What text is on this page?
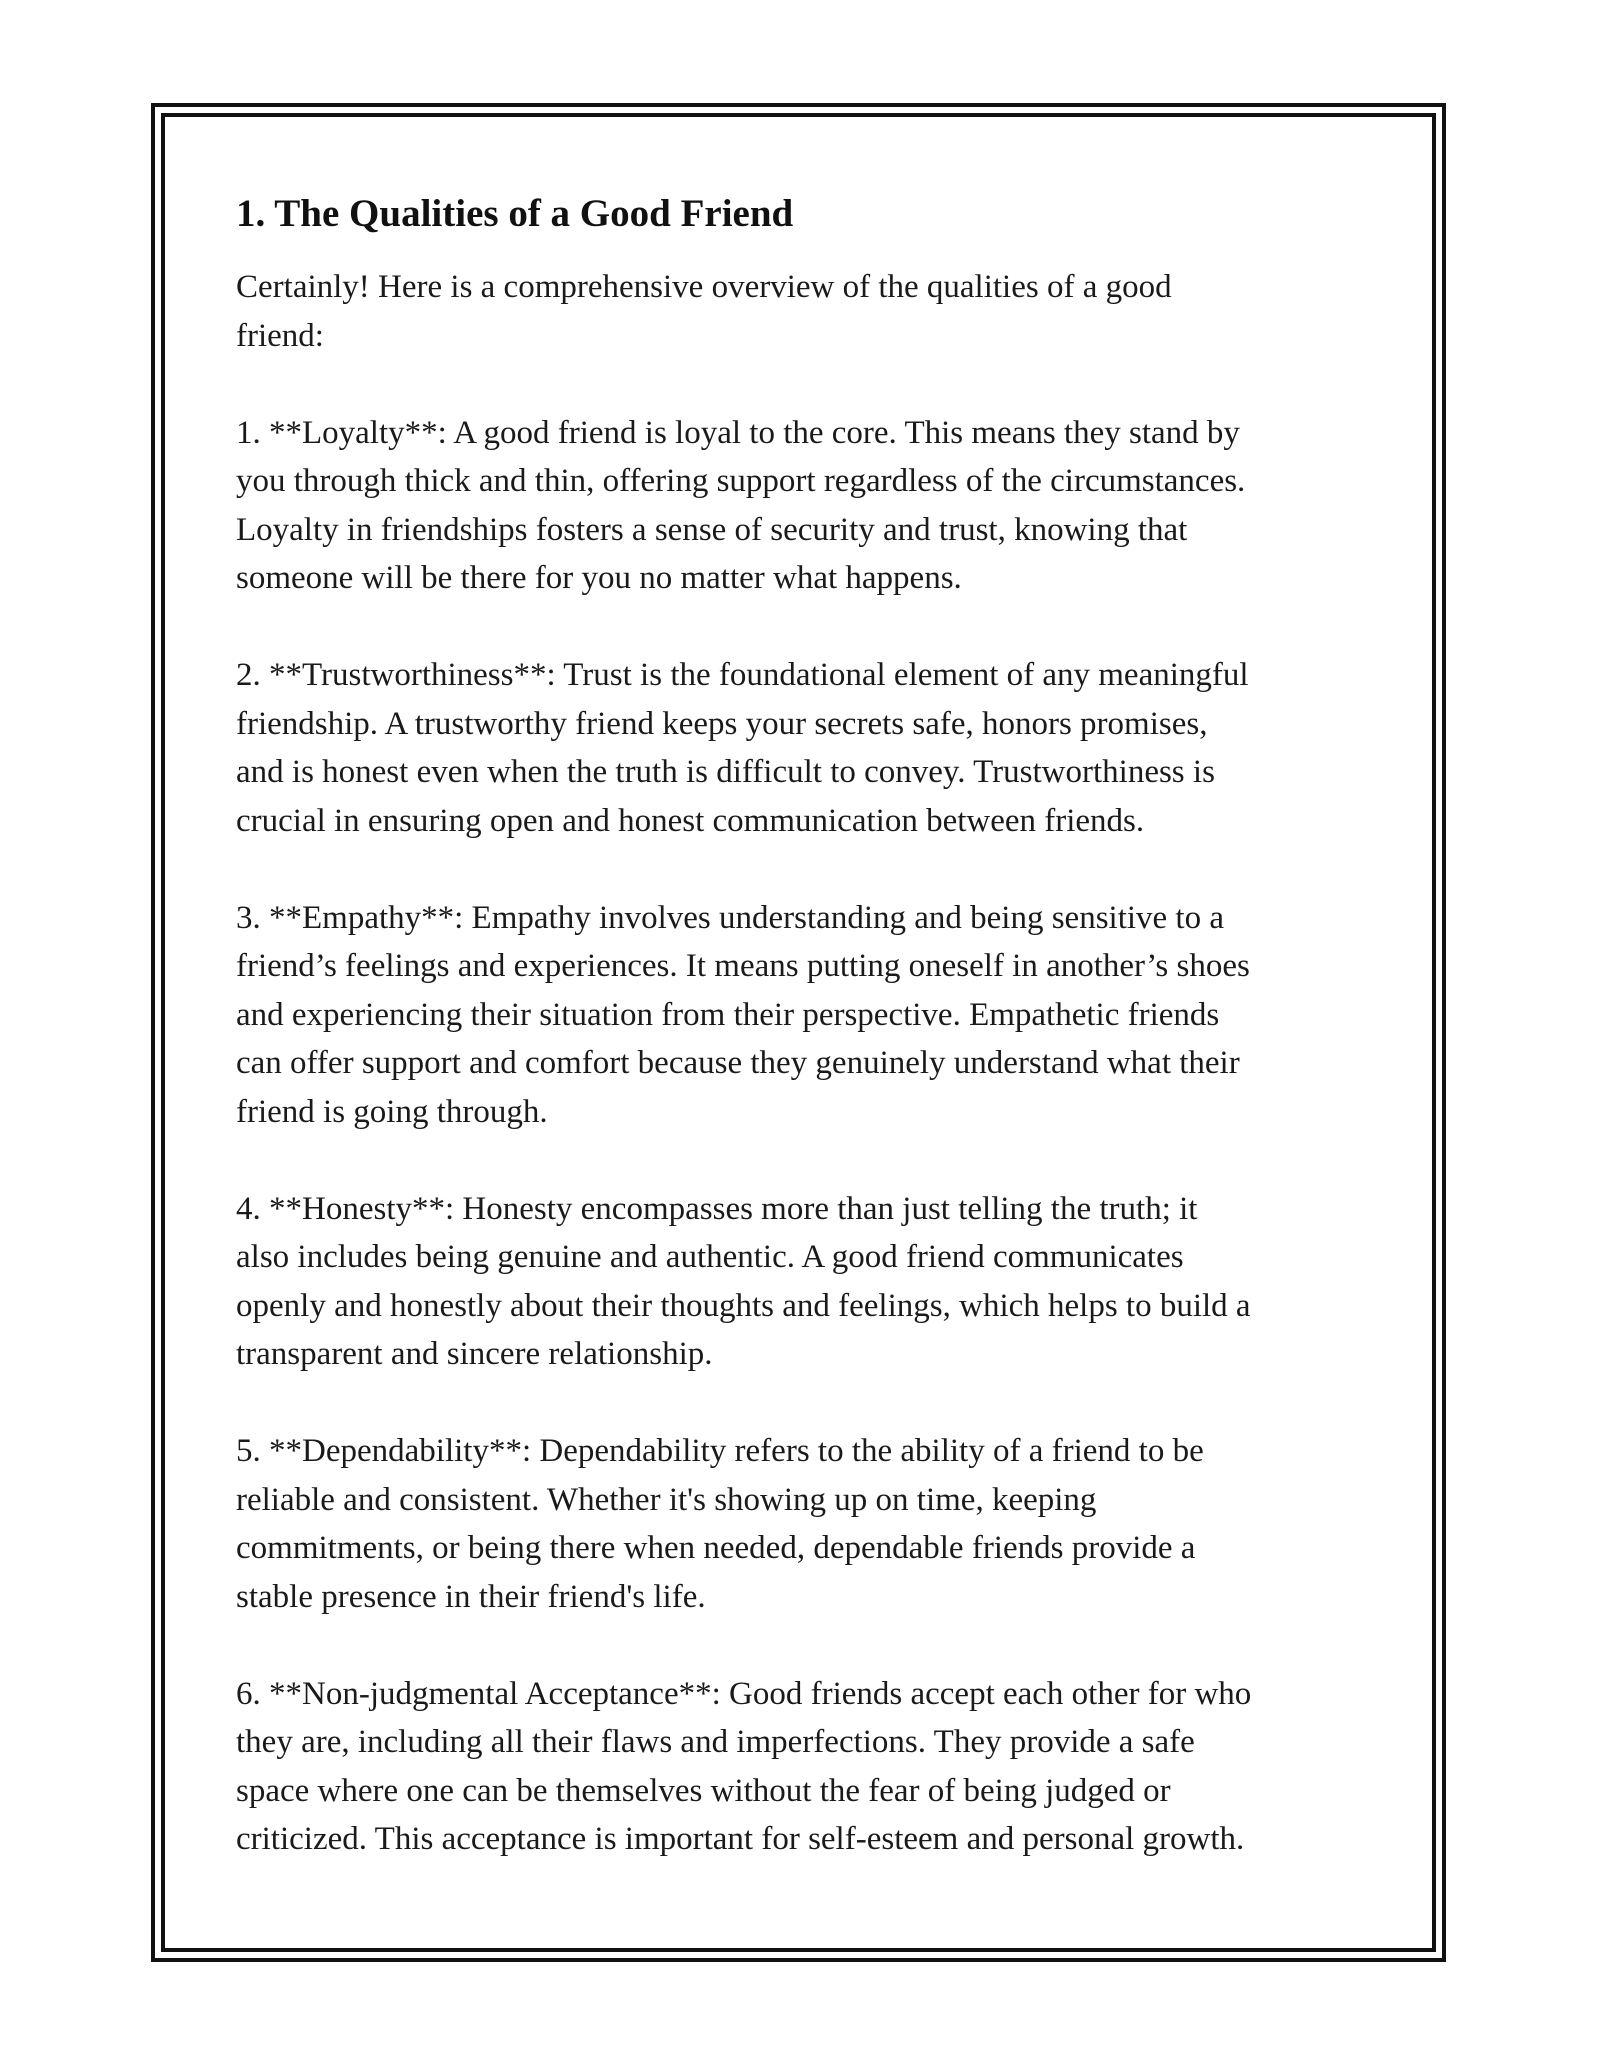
1. The Qualities of a Good Friend

Certainly! Here is a comprehensive overview of the qualities of a good
friend:

1. **Loyalty**: A good friend is loyal to the core. This means they stand by
you through thick and thin, offering support regardless of the circumstances.
Loyalty in friendships fosters a sense of security and trust, knowing that
someone will be there for you no matter what happens.

2. **Trustworthiness**: Trust is the foundational element of any meaningful
friendship. A trustworthy friend keeps your secrets safe, honors promises,
and is honest even when the truth is difficult to convey. Trustworthiness is
crucial in ensuring open and honest communication between friends.

3. **Empathy**: Empathy involves understanding and being sensitive to a
friend’s feelings and experiences. It means putting oneself in another’s shoes
and experiencing their situation from their perspective. Empathetic friends
can offer support and comfort because they genuinely understand what their
friend is going through.

4. **Honesty**: Honesty encompasses more than just telling the truth; it
also includes being genuine and authentic. A good friend communicates
openly and honestly about their thoughts and feelings, which helps to build a
transparent and sincere relationship.

5. **Dependability**: Dependability refers to the ability of a friend to be
reliable and consistent. Whether it's showing up on time, keeping
commitments, or being there when needed, dependable friends provide a
stable presence in their friend's life.

6. **Non-judgmental Acceptance**: Good friends accept each other for who
they are, including all their flaws and imperfections. They provide a safe
space where one can be themselves without the fear of being judged or
criticized. This acceptance is important for self-esteem and personal growth.
